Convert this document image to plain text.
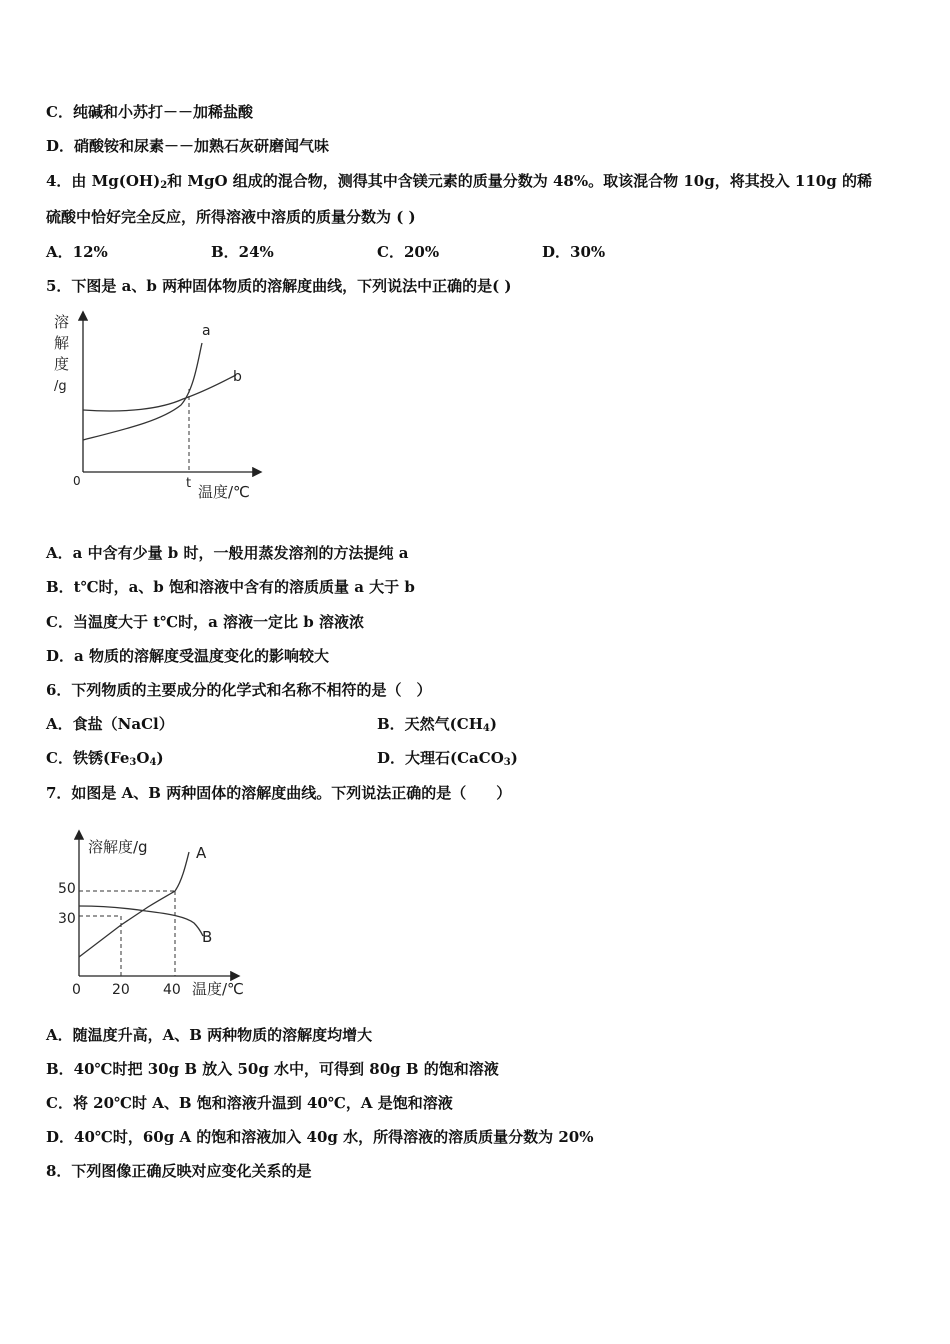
C．纯碱和小苏打－－加稀盐酸
D．硝酸铵和尿素－－加熟石灰研磨闻气味
4．由 $Mg(OH)_2$和 MgO 组成的混合物，测得其中含镁元素的质量分数为 48%。取该混合物 10g，将其投入 110g 的稀
硫酸中恰好完全反应，所得溶液中溶质的质量分数为 ( )
A．12%	B．24%	C．20%	D．30%
5．下图是 a、b 两种固体物质的溶解度曲线，下列说法中正确的是( )
溶
解
度
/g
a
b
0	t 温度/℃
A．a 中含有少量 b 时，一般用蒸发溶剂的方法提纯 a
B．t℃时，a、b 饱和溶液中含有的溶质质量 a 大于 b
C．当温度大于 t℃时，a 溶液一定比 b 溶液浓
D．a 物质的溶解度受温度变化的影响较大
6．下列物质的主要成分的化学式和名称不相符的是（　）
A．食盐（NaCl）	B．天然气$(CH_4)$
C．铁锈$(Fe_3O_4)$	D．大理石(CaCO$_3$)
7．如图是 A、B 两种固体的溶解度曲线。下列说法正确的是（　　）
溶解度/g
50
30
A
B
0 20 40 温度/℃
A．随温度升高，A、B 两种物质的溶解度均增大
B．40℃时把 30g B 放入 50g 水中，可得到 80g B 的饱和溶液
C．将 20℃时 A、B 饱和溶液升温到 40℃，A 是饱和溶液
D．40℃时，60g A 的饱和溶液加入 40g 水，所得溶液的溶质质量分数为 20%
8．下列图像正确反映对应变化关系的是
